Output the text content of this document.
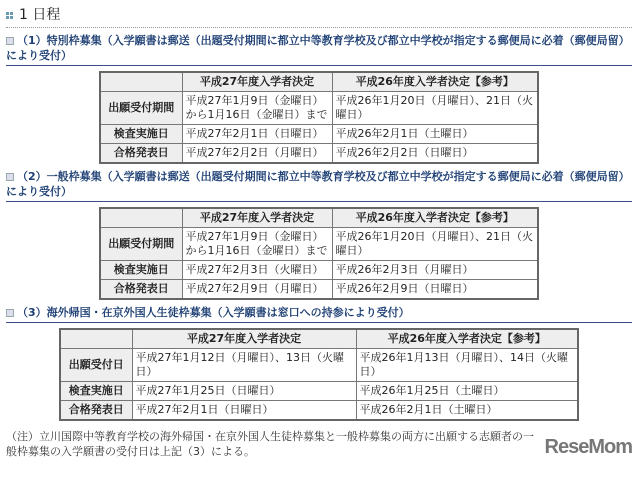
1 日程
（1）特別枠募集（入学願書は郵送（出題受付期間に都立中等教育学校及び都立中学校が指定する郵便局に必着（郵便局留）により受付）
	平成27年度入学者決定	平成26年度入学者決定【参考】
出願受付期間	平成27年1月9日（金曜日）から1月16日（金曜日）まで	平成26年1月20日（月曜日）、21日（火曜日）
検査実施日	平成27年2月1日（日曜日）	平成26年2月1日（土曜日）
合格発表日	平成27年2月2日（月曜日）	平成26年2月2日（日曜日）
（2）一般枠募集（入学願書は郵送（出題受付期間に都立中等教育学校及び都立中学校が指定する郵便局に必着（郵便局留）により受付）
	平成27年度入学者決定	平成26年度入学者決定【参考】
出願受付期間	平成27年1月9日（金曜日）から1月16日（金曜日）まで	平成26年1月20日（月曜日）、21日（火曜日）
検査実施日	平成27年2月3日（火曜日）	平成26年2月3日（月曜日）
合格発表日	平成27年2月9日（月曜日）	平成26年2月9日（日曜日）
（3）海外帰国・在京外国人生徒枠募集（入学願書は窓口への持参により受付）
	平成27年度入学者決定	平成26年度入学者決定【参考】
出願受付日	平成27年1月12日（月曜日）、13日（火曜日）	平成26年1月13日（月曜日）、14日（火曜日）
検査実施日	平成27年1月25日（日曜日）	平成26年1月25日（土曜日）
合格発表日	平成27年2月1日（日曜日）	平成26年2月1日（土曜日）
ReseMom
（注）立川国際中等教育学校の海外帰国・在京外国人生徒枠募集と一般枠募集の両方に出願する志願者の一般枠募集の入学願書の受付日は上記（3）による。
